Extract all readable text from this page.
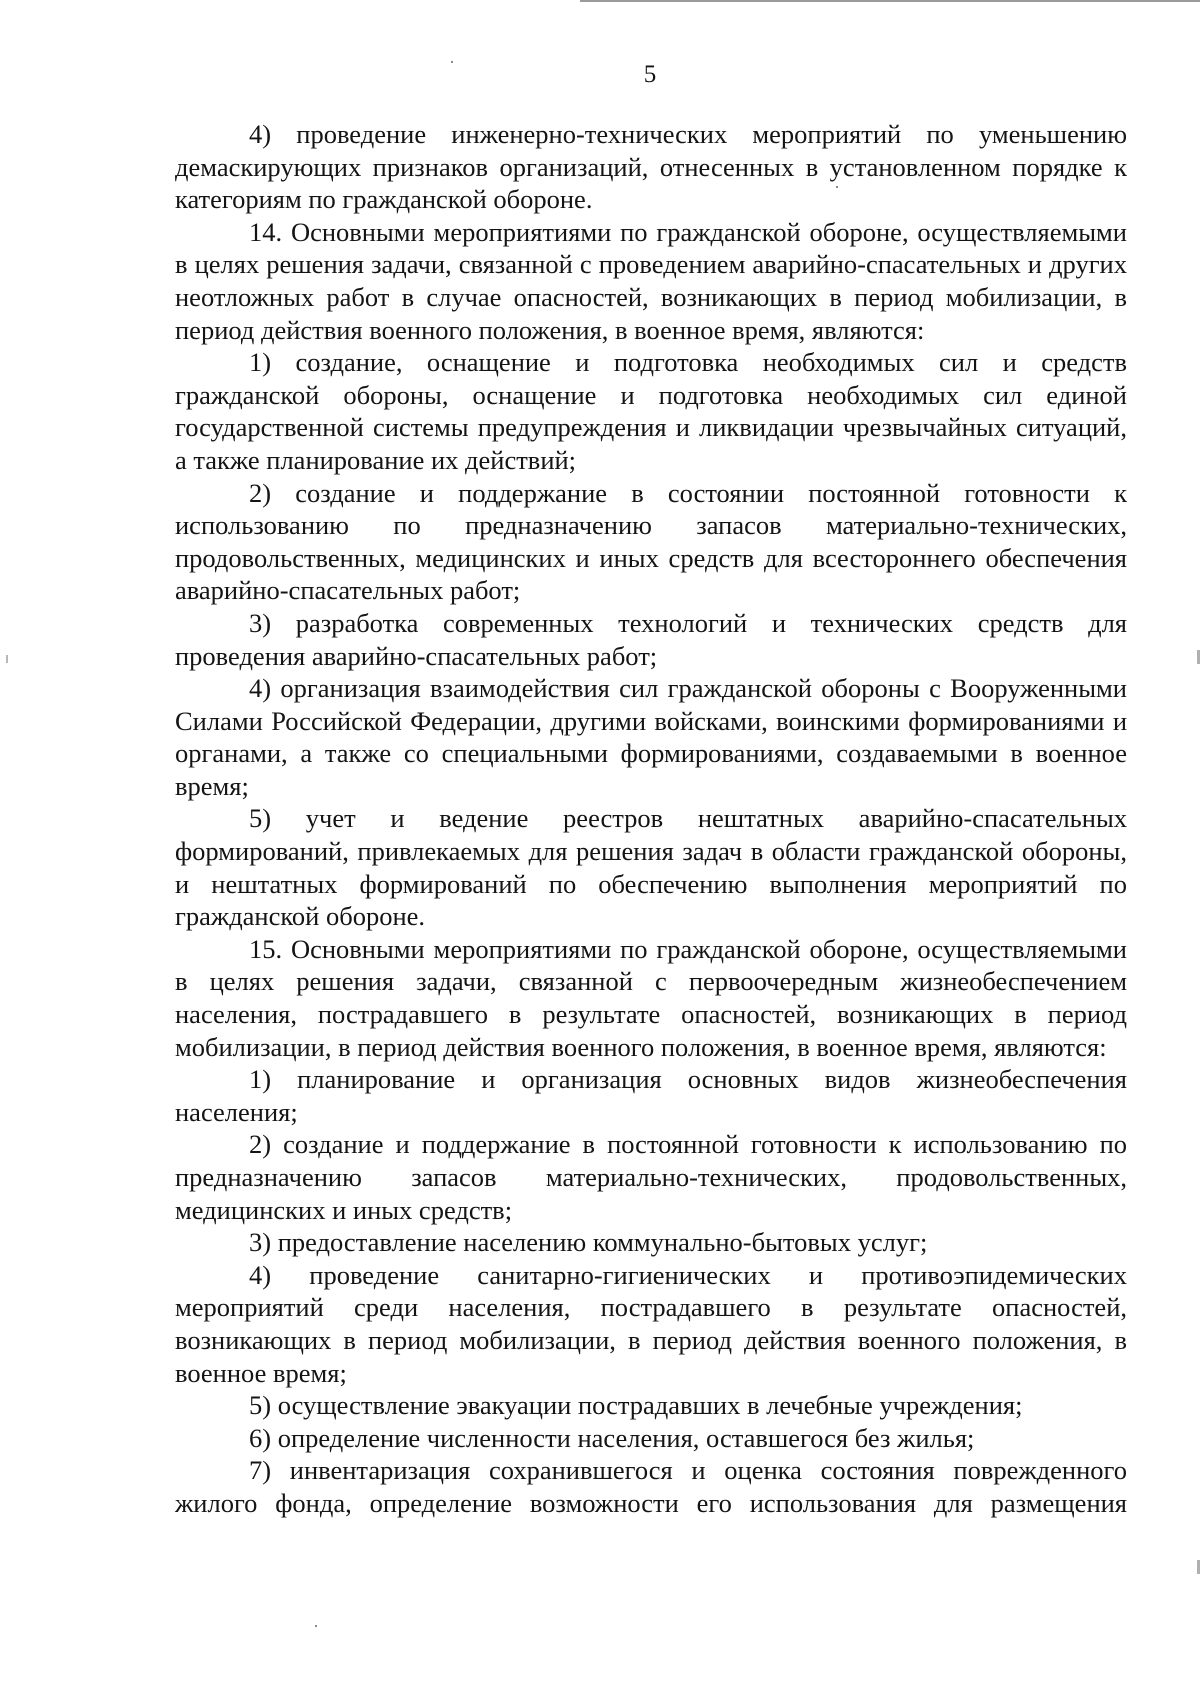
5

4) проведение инженерно-технических мероприятий по уменьшению демаскирующих признаков организаций, отнесенных в установленном порядке к категориям по гражданской обороне.

14. Основными мероприятиями по гражданской обороне, осуществляемыми в целях решения задачи, связанной с проведением аварийно-спасательных и других неотложных работ в случае опасностей, возникающих в период мобилизации, в период действия военного положения, в военное время, являются:

1) создание, оснащение и подготовка необходимых сил и средств гражданской обороны, оснащение и подготовка необходимых сил единой государственной системы предупреждения и ликвидации чрезвычайных ситуаций, а также планирование их действий;

2) создание и поддержание в состоянии постоянной готовности к использованию по предназначению запасов материально-технических, продовольственных, медицинских и иных средств для всестороннего обеспечения аварийно-спасательных работ;

3) разработка современных технологий и технических средств для проведения аварийно-спасательных работ;

4) организация взаимодействия сил гражданской обороны с Вооруженными Силами Российской Федерации, другими войсками, воинскими формированиями и органами, а также со специальными формированиями, создаваемыми в военное время;

5) учет и ведение реестров нештатных аварийно-спасательных формирований, привлекаемых для решения задач в области гражданской обороны, и нештатных формирований по обеспечению выполнения мероприятий по гражданской обороне.

15. Основными мероприятиями по гражданской обороне, осуществляемыми в целях решения задачи, связанной с первоочередным жизнеобеспечением населения, пострадавшего в результате опасностей, возникающих в период мобилизации, в период действия военного положения, в военное время, являются:

1) планирование и организация основных видов жизнеобеспечения населения;

2) создание и поддержание в постоянной готовности к использованию по предназначению запасов материально-технических, продовольственных, медицинских и иных средств;

3) предоставление населению коммунально-бытовых услуг;

4) проведение санитарно-гигиенических и противоэпидемических мероприятий среди населения, пострадавшего в результате опасностей, возникающих в период мобилизации, в период действия военного положения, в военное время;

5) осуществление эвакуации пострадавших в лечебные учреждения;

6) определение численности населения, оставшегося без жилья;

7) инвентаризация сохранившегося и оценка состояния поврежденного жилого фонда, определение возможности его использования для размещения
